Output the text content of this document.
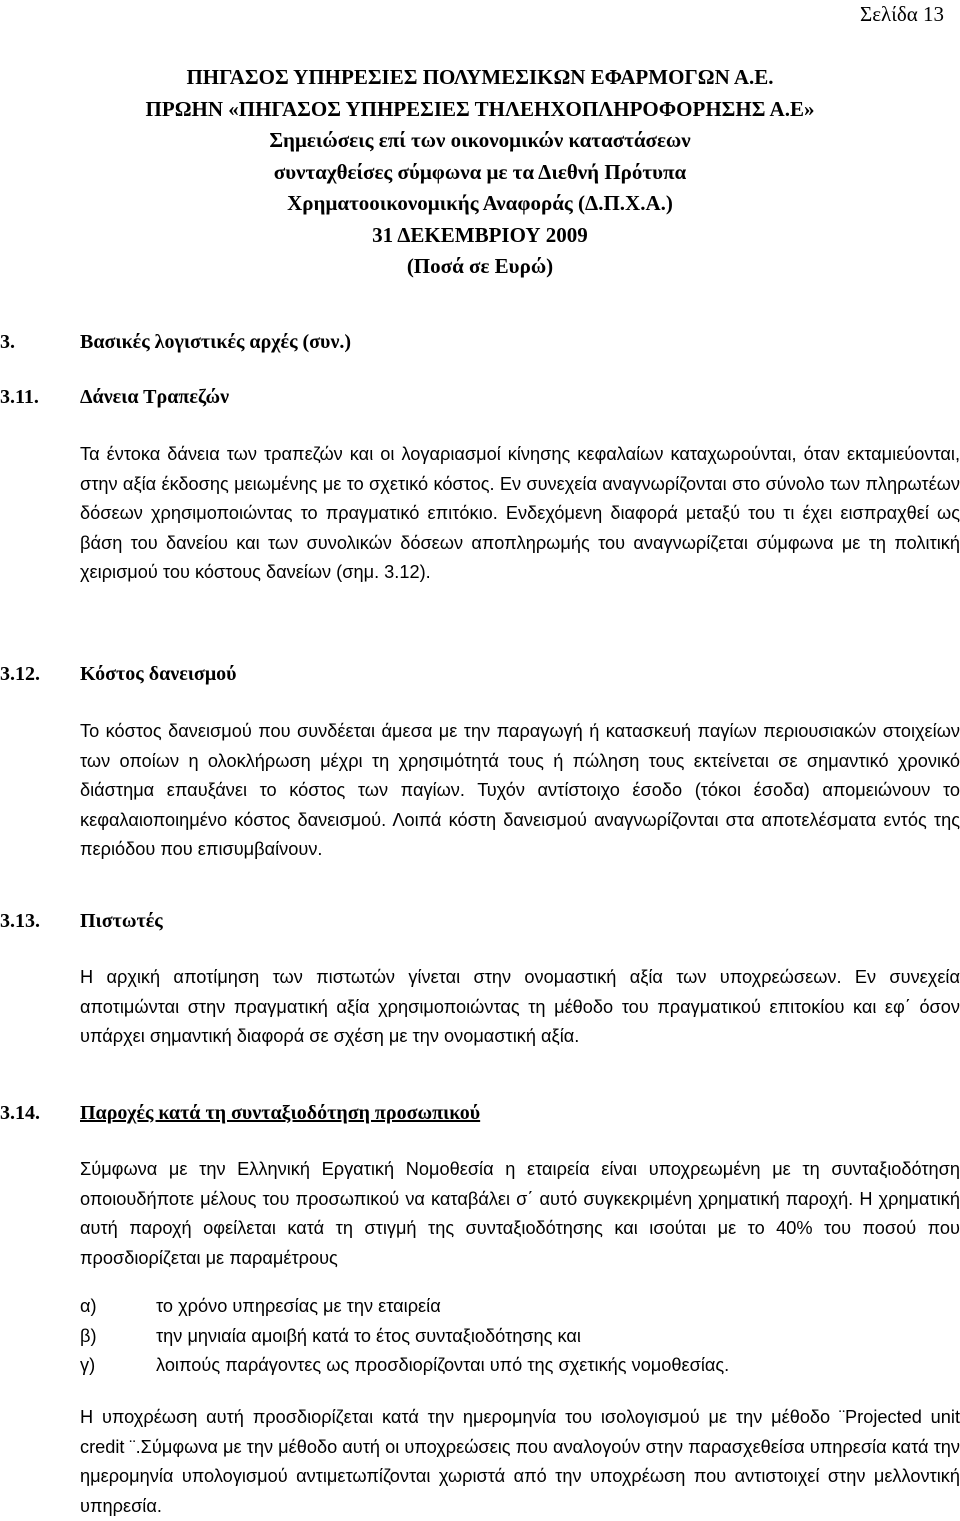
Σελίδα 13
ΠΗΓΑΣΟΣ ΥΠΗΡΕΣΙΕΣ ΠΟΛΥΜΕΣΙΚΩΝ ΕΦΑΡΜΟΓΩΝ Α.Ε.
ΠΡΩΗΝ «ΠΗΓΑΣΟΣ ΥΠΗΡΕΣΙΕΣ ΤΗΛΕΗΧΟΠΛΗΡΟΦΟΡΗΣΗΣ Α.Ε»
Σημειώσεις επί των οικονομικών καταστάσεων
συνταχθείσες σύμφωνα με τα Διεθνή Πρότυπα
Χρηματοοικονομικής Αναφοράς (Δ.Π.Χ.Α.)
31 ΔΕΚΕΜΒΡΙΟΥ 2009
(Ποσά σε Ευρώ)
3.	Βασικές λογιστικές αρχές (συν.)
3.11. Δάνεια Τραπεζών
Τα έντοκα δάνεια των τραπεζών και οι λογαριασμοί κίνησης κεφαλαίων καταχωρούνται, όταν εκταμιεύονται, στην αξία έκδοσης μειωμένης με το σχετικό κόστος. Εν συνεχεία αναγνωρίζονται στο σύνολο των πληρωτέων δόσεων χρησιμοποιώντας το πραγματικό επιτόκιο. Ενδεχόμενη διαφορά μεταξύ του τι έχει εισπραχθεί ως βάση του δανείου και των συνολικών δόσεων αποπληρωμής του αναγνωρίζεται σύμφωνα με τη πολιτική χειρισμού του κόστους δανείων (σημ. 3.12).
3.12. Κόστος δανεισμού
Το κόστος δανεισμού που συνδέεται άμεσα με την παραγωγή ή κατασκευή παγίων περιουσιακών στοιχείων των οποίων η ολοκλήρωση μέχρι τη χρησιμότητά τους ή πώληση τους εκτείνεται σε σημαντικό χρονικό διάστημα επαυξάνει το κόστος των παγίων. Τυχόν αντίστοιχο έσοδο (τόκοι έσοδα) απομειώνουν το κεφαλαιοποιημένο κόστος δανεισμού. Λοιπά κόστη δανεισμού αναγνωρίζονται στα αποτελέσματα εντός της περιόδου που επισυμβαίνουν.
3.13. Πιστωτές
Η αρχική αποτίμηση των πιστωτών γίνεται στην ονομαστική αξία των υποχρεώσεων. Εν συνεχεία αποτιμώνται στην πραγματική αξία χρησιμοποιώντας τη μέθοδο του πραγματικού επιτοκίου και εφ΄ όσον υπάρχει σημαντική διαφορά σε σχέση με την ονομαστική αξία.
3.14. Παροχές κατά τη συνταξιοδότηση προσωπικού
Σύμφωνα με την Ελληνική Εργατική Νομοθεσία η εταιρεία είναι υποχρεωμένη με τη συνταξιοδότηση οποιουδήποτε μέλους του προσωπικού να καταβάλει σ΄ αυτό συγκεκριμένη χρηματική παροχή. Η χρηματική αυτή παροχή οφείλεται κατά τη στιγμή της συνταξιοδότησης και ισούται με το 40% του ποσού που προσδιορίζεται με παραμέτρους
α)	το χρόνο υπηρεσίας με την εταιρεία
β)	την μηνιαία αμοιβή κατά το έτος συνταξιοδότησης και
γ)	λοιπούς παράγοντες ως προσδιορίζονται υπό της σχετικής νομοθεσίας.
Η υποχρέωση αυτή προσδιορίζεται κατά την ημερομηνία του ισολογισμού με την μέθοδο ¨Projected unit credit ¨.Σύμφωνα με την μέθοδο αυτή οι υποχρεώσεις που αναλογούν στην παρασχεθείσα υπηρεσία κατά την ημερομηνία υπολογισμού αντιμετωπίζονται χωριστά από την υποχρέωση που αντιστοιχεί στην μελλοντική υπηρεσία.
